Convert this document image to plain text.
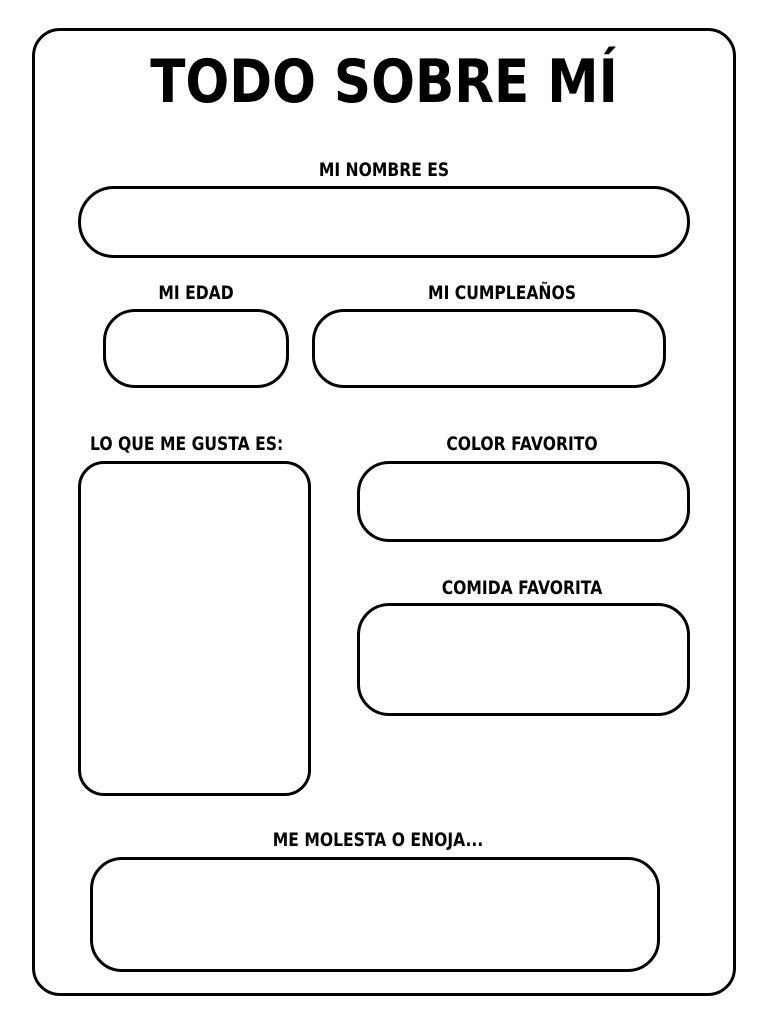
TODO SOBRE MÍ
MI NOMBRE ES
MI EDAD	MI CUMPLEAÑOS
LO QUE ME GUSTA ES:	COLOR FAVORITO
COMIDA FAVORITA
ME MOLESTA O ENOJA...
